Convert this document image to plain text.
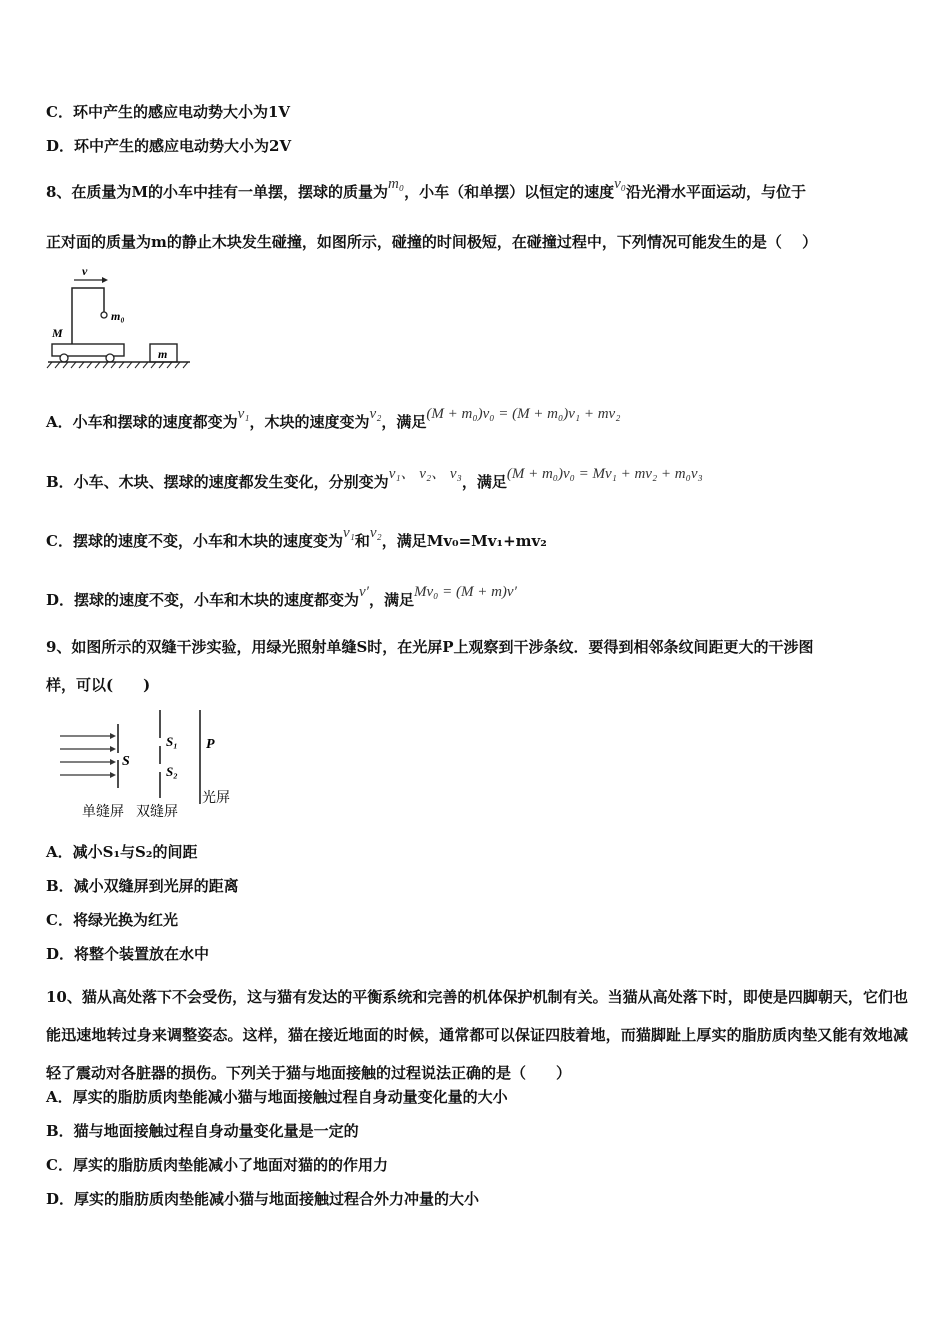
C．环中产生的感应电动势大小为1V
D．环中产生的感应电动势大小为2V
8、在质量为M的小车中挂有一单摆，摆球的质量为m₀，小车（和单摆）以恒定的速度v₀沿光滑水平面运动，与位于
正对面的质量为m的静止木块发生碰撞，如图所示，碰撞的时间极短，在碰撞过程中，下列情况可能发生的是（　 ）
v
m₀
M
m
A．小车和摆球的速度都变为v₁，木块的速度变为v₂，满足(M + m₀)v₀ = (M + m₀)v₁ + mv₂
B．小车、木块、摆球的速度都发生变化，分别变为v₁、 v₂、 v₃，满足(M + m₀)v₀ = Mv₁ + mv₂ + m₀v₃
C．摆球的速度不变，小车和木块的速度变为v₁和v₂，满足Mv₀=Mv₁+mv₂
D．摆球的速度不变，小车和木块的速度都变为v′，满足Mv₀ = (M + m)v′
9、如图所示的双缝干涉实验，用绿光照射单缝S时，在光屏P上观察到干涉条纹．要得到相邻条纹间距更大的干涉图
样，可以(　　)
S
S₁
S₂
P
光屏
单缝屏 双缝屏
A．减小S₁与S₂的间距
B．减小双缝屏到光屏的距离
C．将绿光换为红光
D．将整个装置放在水中
10、猫从高处落下不会受伤，这与猫有发达的平衡系统和完善的机体保护机制有关。当猫从高处落下时，即使是四脚朝天，它们也能迅速地转过身来调整姿态。这样，猫在接近地面的时候，通常都可以保证四肢着地，而猫脚趾上厚实的脂肪质肉垫又能有效地减轻了震动对各脏器的损伤。下列关于猫与地面接触的过程说法正确的是（　　）
A．厚实的脂肪质肉垫能减小猫与地面接触过程自身动量变化量的大小
B．猫与地面接触过程自身动量变化量是一定的
C．厚实的脂肪质肉垫能减小了地面对猫的的作用力
D．厚实的脂肪质肉垫能减小猫与地面接触过程合外力冲量的大小
